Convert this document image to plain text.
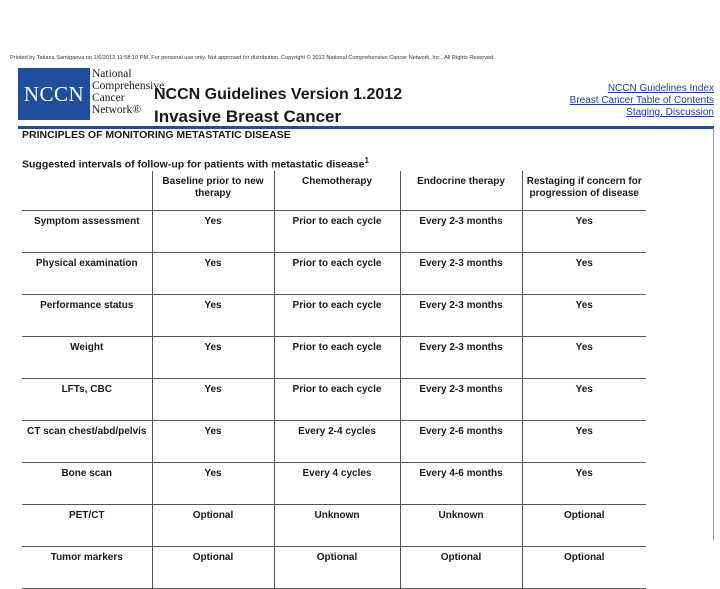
Printed by Tatiana Samigaeva on 1/6/2012 11:58:10 PM. For personal use only. Not approved for distribution. Copyright © 2012 National Comprehensive Cancer Network, Inc., All Rights Reserved.
NCCN
National
Comprehensive
Cancer
Network®
NCCN Guidelines Version 1.2012
Invasive Breast Cancer
NCCN Guidelines Index
Breast Cancer Table of Contents
Staging, Discussion
PRINCIPLES OF MONITORING METASTATIC DISEASE
Suggested intervals of follow-up for patients with metastatic disease$^1$
	Baseline prior to new therapy	Chemotherapy	Endocrine therapy	Restaging if concern for progression of disease
Symptom assessment	Yes	Prior to each cycle	Every 2-3 months	Yes
Physical examination	Yes	Prior to each cycle	Every 2-3 months	Yes
Performance status	Yes	Prior to each cycle	Every 2-3 months	Yes
Weight	Yes	Prior to each cycle	Every 2-3 months	Yes
LFTs, CBC	Yes	Prior to each cycle	Every 2-3 months	Yes
CT scan chest/abd/pelvis	Yes	Every 2-4 cycles	Every 2-6 months	Yes
Bone scan	Yes	Every 4 cycles	Every 4-6 months	Yes
PET/CT	Optional	Unknown	Unknown	Optional
Tumor markers	Optional	Optional	Optional	Optional
